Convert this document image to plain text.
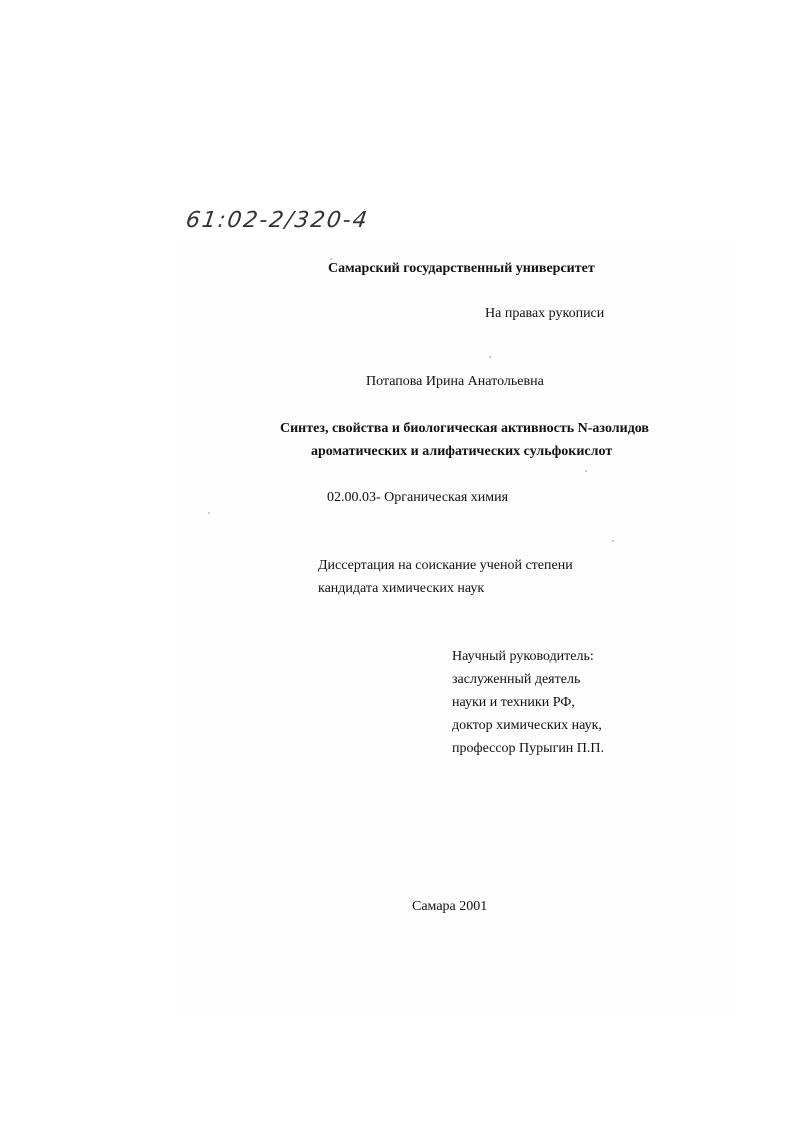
61:02-2/320-4
Самарский государственный университет
На правах рукописи
Потапова Ирина Анатольевна
Синтез, свойства и биологическая активность N-азолидов
ароматических и алифатических сульфокислот
02.00.03- Органическая химия
Диссертация на соискание ученой степени
кандидата химических наук
Научный руководитель:
заслуженный деятель
науки и техники РФ,
доктор химических наук,
профессор Пурыгин П.П.
Самара 2001
